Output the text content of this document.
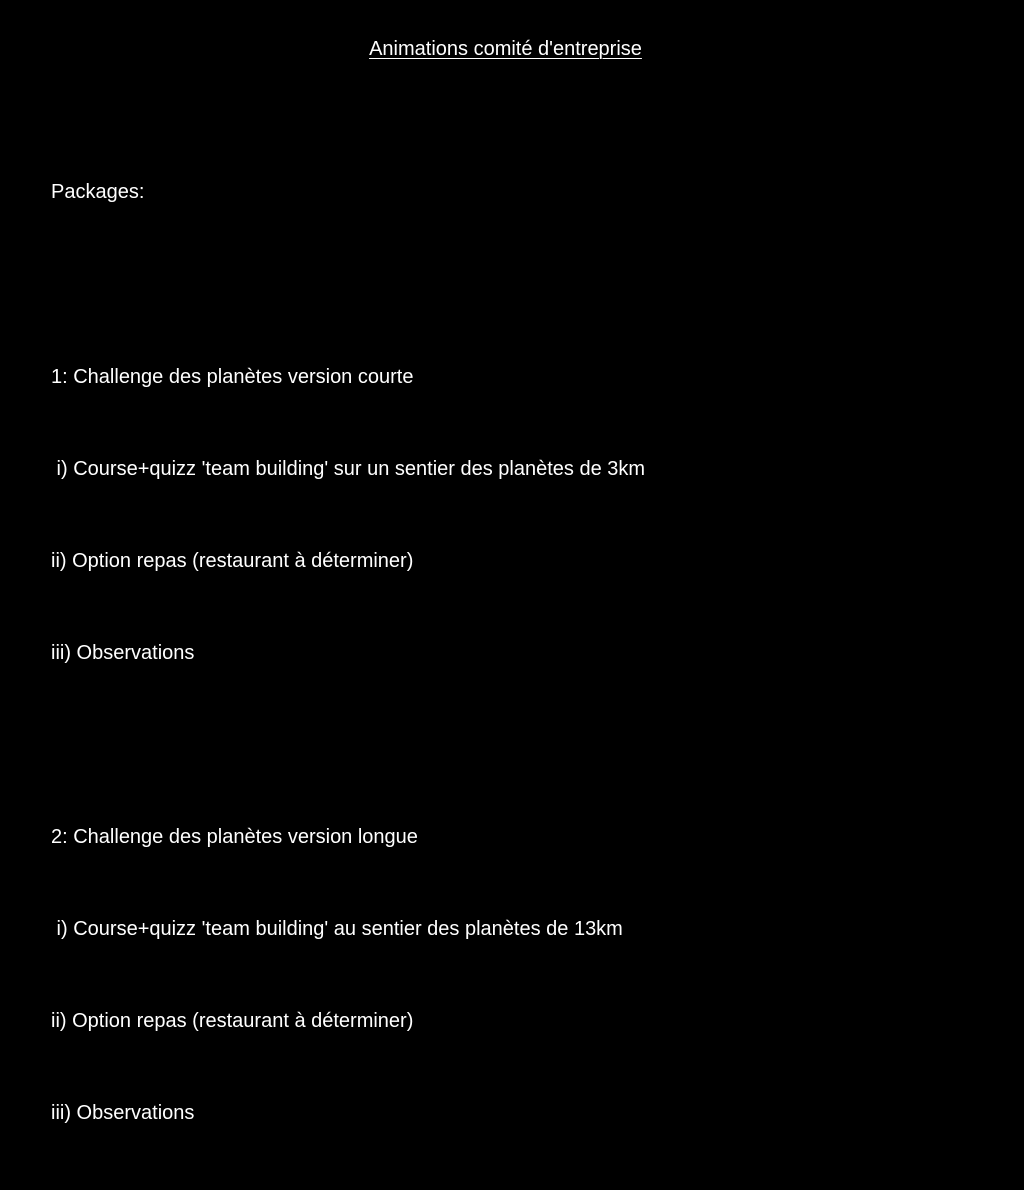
Animations comité d'entreprise

Packages:

1: Challenge des planètes version courte

i) Course+quizz 'team building' sur un sentier des planètes de 3km

ii) Option repas (restaurant à déterminer)

iii) Observations

2: Challenge des planètes version longue

i) Course+quizz 'team building' au sentier des planètes de 13km

ii) Option repas (restaurant à déterminer)

iii) Observations
